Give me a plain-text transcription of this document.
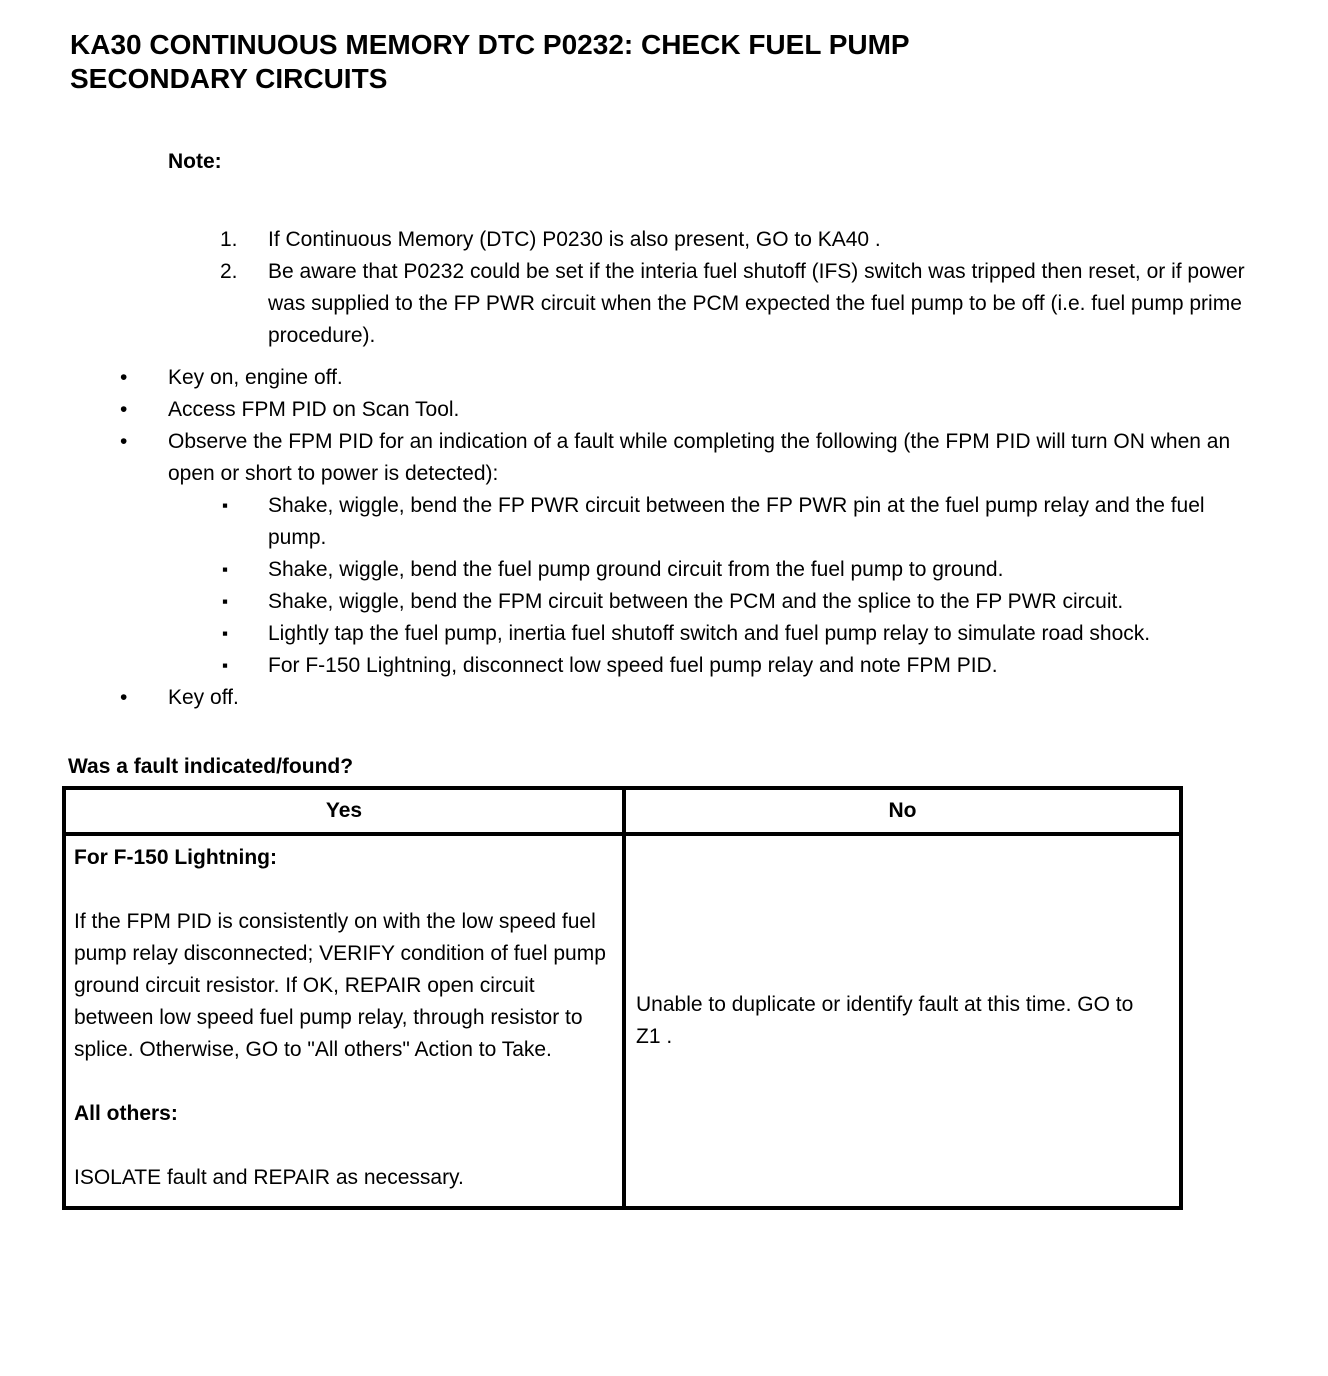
KA30 CONTINUOUS MEMORY DTC P0232: CHECK FUEL PUMP SECONDARY CIRCUITS
Note:
1.	If Continuous Memory (DTC) P0230 is also present, GO to KA40 .
2.	Be aware that P0232 could be set if the interia fuel shutoff (IFS) switch was tripped then reset, or if power was supplied to the FP PWR circuit when the PCM expected the fuel pump to be off (i.e. fuel pump prime procedure).
•	Key on, engine off.
•	Access FPM PID on Scan Tool.
•	Observe the FPM PID for an indication of a fault while completing the following (the FPM PID will turn ON when an open or short to power is detected):
▪	Shake, wiggle, bend the FP PWR circuit between the FP PWR pin at the fuel pump relay and the fuel pump.
▪	Shake, wiggle, bend the fuel pump ground circuit from the fuel pump to ground.
▪	Shake, wiggle, bend the FPM circuit between the PCM and the splice to the FP PWR circuit.
▪	Lightly tap the fuel pump, inertia fuel shutoff switch and fuel pump relay to simulate road shock.
▪	For F-150 Lightning, disconnect low speed fuel pump relay and note FPM PID.
•	Key off.
Was a fault indicated/found?
Yes	No

For F-150 Lightning:

If the FPM PID is consistently on with the low speed fuel pump relay disconnected; VERIFY condition of fuel pump ground circuit resistor. If OK, REPAIR open circuit between low speed fuel pump relay, through resistor to splice. Otherwise, GO to "All others" Action to Take.

All others:

ISOLATE fault and REPAIR as necessary.	Unable to duplicate or identify fault at this time. GO to Z1 .
